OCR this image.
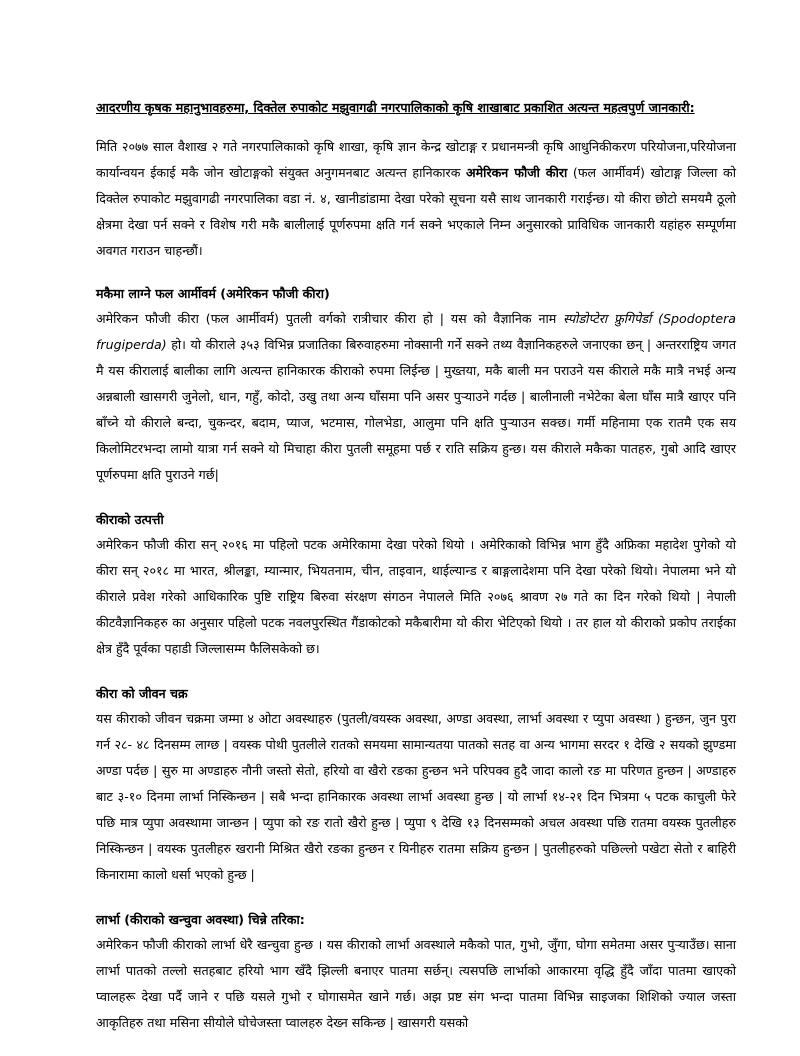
आदरणीय कृषक महानुभावहरुमा, दिक्तेल रुपाकोट मझुवागढी नगरपालिकाको कृषि शाखाबाट प्रकाशित अत्यन्त महत्वपुर्ण जानकारी:

मिति २०७७ साल वैशाख २ गते नगरपालिकाको कृषि शाखा, कृषि ज्ञान केन्द्र खोटाङ्ग र प्रधानमन्त्री कृषि आधुनिकीकरण परियोजना,परियोजना कार्यान्वयन ईकाई मकै जोन खोटाङ्गको संयुक्त अनुगमनबाट अत्यन्त हानिकारक अमेरिकन फौजी कीरा (फल आर्मीवर्म) खोटाङ्ग जिल्ला को दिक्तेल रुपाकोट मझुवागढी नगरपालिका वडा नं. ४, खानीडांडामा देखा परेको सूचना यसै साथ जानकारी गराईन्छ। यो कीरा छोटो समयमै ठूलो क्षेत्रमा देखा पर्न सक्ने र विशेष गरी मकै बालीलाई पूर्णरुपमा क्षति गर्न सक्ने भएकाले निम्न अनुसारको प्राविधिक जानकारी यहांहरु सम्पूर्णमा अवगत गराउन चाहन्छौं।

मकैमा लाग्ने फल आर्मीवर्म (अमेरिकन फौजी कीरा)

अमेरिकन फौजी कीरा (फल आर्मीवर्म) पुतली वर्गको रात्रीचार कीरा हो | यस को वैज्ञानिक नाम स्पोडोप्टेरा फ्रुगिपेर्डा (Spodoptera frugiperda) हो। यो कीराले ३५३ विभिन्न प्रजातिका बिरुवाहरुमा नोक्सानी गर्ने सक्ने तथ्य वैज्ञानिकहरुले जनाएका छन् | अन्तरराष्ट्रिय जगत मै यस कीरालाई बालीका लागि अत्यन्त हानिकारक कीराको रुपमा लिईन्छ | मुख्तया, मकै बाली मन पराउने यस कीराले मकै मात्रै नभई अन्य अन्नबाली खासगरी जुनेलो, धान, गहुँ, कोदो, उखु तथा अन्य घाँसमा पनि असर पुऱ्याउने गर्दछ | बालीनाली नभेटेका बेला घाँस मात्रै खाएर पनि बाँच्ने यो कीराले बन्दा, चुकन्दर, बदाम, प्याज, भटमास, गोलभेडा, आलुमा पनि क्षति पुऱ्याउन सक्छ। गर्मी महिनामा एक रातमै एक सय किलोमिटरभन्दा लामो यात्रा गर्न सक्ने यो मिचाहा कीरा पुतली समूहमा पर्छ र राति सक्रिय हुन्छ। यस कीराले मकैका पातहरु, गुबो आदि खाएर पूर्णरुपमा क्षति पुराउने गर्छ|

कीराको उत्पत्ती

अमेरिकन फौजी कीरा सन् २०१६ मा पहिलो पटक अमेरिकामा देखा परेको थियो । अमेरिकाको विभिन्न भाग हुँदै अफ्रिका महादेश पुगेको यो कीरा सन् २०१८ मा भारत, श्रीलङ्का, म्यान्मार, भियतनाम, चीन, ताइवान, थाईल्यान्ड र बाङ्गलादेशमा पनि देखा परेको थियो। नेपालमा भने यो कीराले प्रवेश गरेको आधिकारिक पुष्टि राष्ट्रिय बिरुवा संरक्षण संगठन नेपालले मिति २०७६ श्रावण २७ गते का दिन गरेको थियो | नेपाली कीटवैज्ञानिकहरु का अनुसार पहिलो पटक नवलपुरस्थित गैंडाकोटको मकैबारीमा यो कीरा भेटिएको थियो । तर हाल यो कीराको प्रकोप तराईका क्षेत्र हुँदै पूर्वका पहाडी जिल्लासम्म फैलिसकेको छ।

कीरा को जीवन चक्र

यस कीराको जीवन चक्रमा जम्मा ४ ओटा अवस्थाहरु (पुतली/वयस्क अवस्था, अण्डा अवस्था, लार्भा अवस्था र प्युपा अवस्था ) हुन्छन, जुन पुरा गर्न २८- ४८ दिनसम्म लाग्छ | वयस्क पोथी पुतलीले रातको समयमा सामान्यतया पातको सतह वा अन्य भागमा सरदर १ देखि २ सयको झुण्डमा अण्डा पर्दछ | सुरु मा अण्डाहरु नौनी जस्तो सेतो, हरियो वा खैरो रङका हुन्छन भने परिपक्व हुदै जादा कालो रङ मा परिणत हुन्छन | अण्डाहरु बाट ३-१० दिनमा लार्भा निस्किन्छन | सबै भन्दा हानिकारक अवस्था लार्भा अवस्था हुन्छ | यो लार्भा १४-२१ दिन भित्रमा ५ पटक काचुली फेरे पछि मात्र प्युपा अवस्थामा जान्छन | प्युपा को रङ रातो खैरो हुन्छ | प्युपा ९ देखि १३ दिनसम्मको अचल अवस्था पछि रातमा वयस्क पुतलीहरु निस्किन्छन | वयस्क पुतलीहरु खरानी मिश्रित खैरो रङका हुन्छन र यिनीहरु रातमा सक्रिय हुन्छन | पुतलीहरुको पछिल्लो पखेटा सेतो र बाहिरी किनारामा कालो धर्सा भएको हुन्छ |

लार्भा (कीराको खन्चुवा अवस्था) चिन्ने तरिका:

अमेरिकन फौजी कीराको लार्भा धेरै खन्चुवा हुन्छ । यस कीराको लार्भा अवस्थाले मकैको पात, गुभो, जुँगा, घोगा समेतमा असर पुऱ्याउँछ। साना लार्भा पातको तल्लो सतहबाट हरियो भाग खँदै झिल्ली बनाएर पातमा सर्छन्। त्यसपछि लार्भाको आकारमा वृद्धि हुँदै जाँदा पातमा खाएको प्वालहरू देखा पर्दै जाने र पछि यसले गुभो र घोगासमेत खाने गर्छ। अझ प्रष्ट संग भन्दा पातमा विभिन्न साइजका शिशिको ज्याल जस्ता आकृतिहरु तथा मसिना सीयोले घोचेजस्ता प्वालहरु देख्न सकिन्छ | खासगरी यसको
